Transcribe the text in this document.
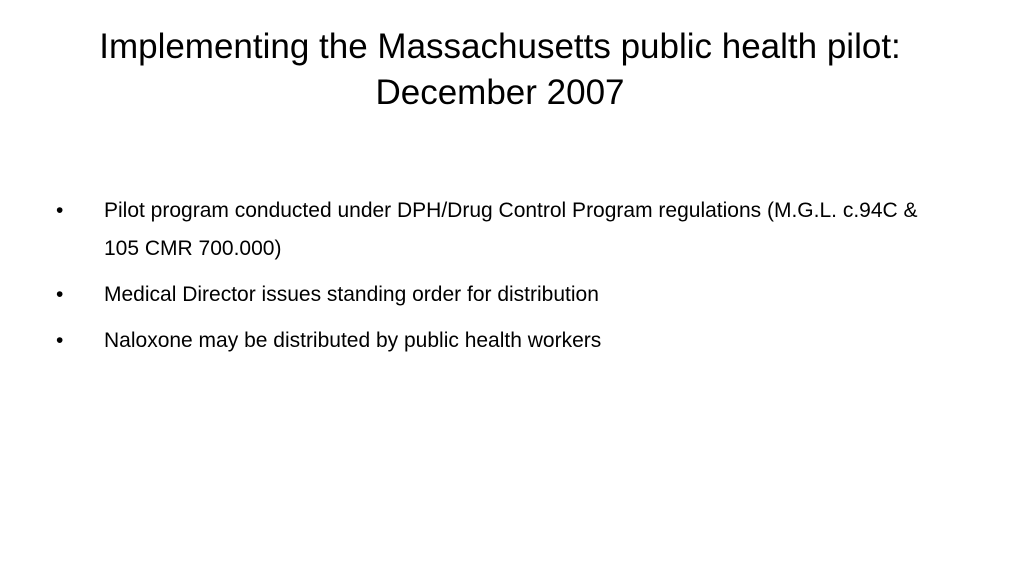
Implementing the Massachusetts public health pilot: December 2007
•	Pilot program conducted under DPH/Drug Control Program regulations (M.G.L. c.94C & 105 CMR 700.000)
•	Medical Director issues standing order for distribution
•	Naloxone may be distributed by public health workers
